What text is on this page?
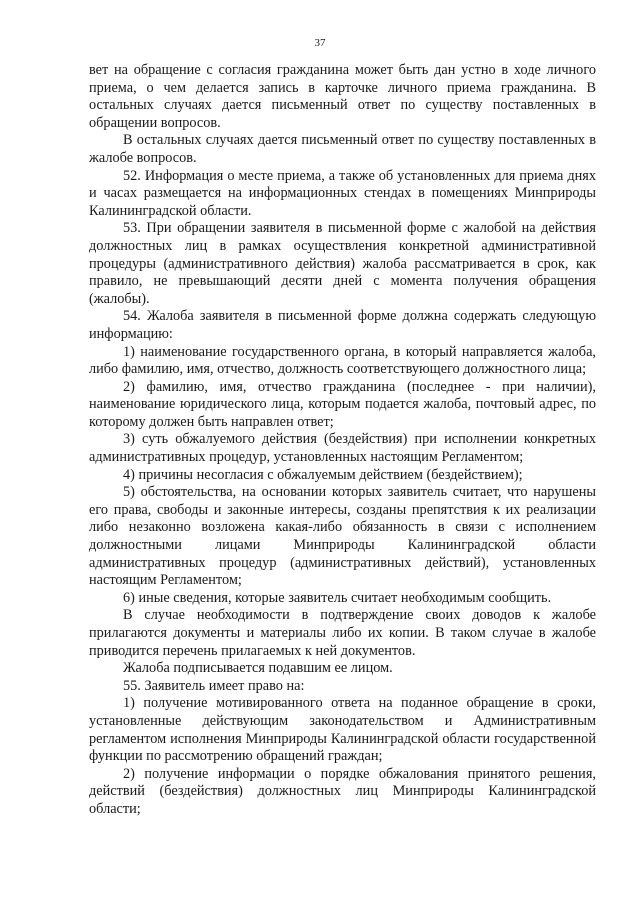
37

вет на обращение с согласия гражданина может быть дан устно в ходе личного приема, о чем делается запись в карточке личного приема гражданина. В остальных случаях дается письменный ответ по существу поставленных в обращении вопросов.

В остальных случаях дается письменный ответ по существу поставленных в жалобе вопросов.

52. Информация о месте приема, а также об установленных для приема днях и часах размещается на информационных стендах в помещениях Минприроды Калининградской области.

53. При обращении заявителя в письменной форме с жалобой на действия должностных лиц в рамках осуществления конкретной административной процедуры (административного действия) жалоба рассматривается в срок, как правило, не превышающий десяти дней с момента получения обращения (жалобы).

54. Жалоба заявителя в письменной форме должна содержать следующую информацию:

1) наименование государственного органа, в который направляется жалоба, либо фамилию, имя, отчество, должность соответствующего должностного лица;

2) фамилию, имя, отчество гражданина (последнее - при наличии), наименование юридического лица, которым подается жалоба, почтовый адрес, по которому должен быть направлен ответ;

3) суть обжалуемого действия (бездействия) при исполнении конкретных административных процедур, установленных настоящим Регламентом;

4) причины несогласия с обжалуемым действием (бездействием);

5) обстоятельства, на основании которых заявитель считает, что нарушены его права, свободы и законные интересы, созданы препятствия к их реализации либо незаконно возложена какая-либо обязанность в связи с исполнением должностными лицами Минприроды Калининградской области административных процедур (административных действий), установленных настоящим Регламентом;

6) иные сведения, которые заявитель считает необходимым сообщить.

В случае необходимости в подтверждение своих доводов к жалобе прилагаются документы и материалы либо их копии. В таком случае в жалобе приводится перечень прилагаемых к ней документов.

Жалоба подписывается подавшим ее лицом.

55. Заявитель имеет право на:

1) получение мотивированного ответа на поданное обращение в сроки, установленные действующим законодательством и Административным регламентом исполнения Минприроды Калининградской области государственной функции по рассмотрению обращений граждан;

2) получение информации о порядке обжалования принятого решения, действий (бездействия) должностных лиц Минприроды Калининградской области;
